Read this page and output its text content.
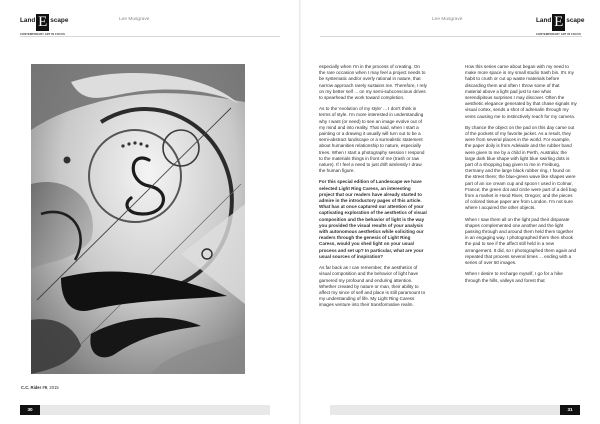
Land E scape
CONTEMPORARY ART IN FOCUS
Lee Musgrave	Lee Musgrave	Land E scape
CONTEMPORARY ART IN FOCUS
C.C. Rider #9, 2015

especially when I'm in the process of creating. On the rare occasion when I may feel a project needs to be systematic and/or overly rational in nature, that narrow approach rarely sustains me. Therefore, I rely on my better self ... on my semi-subconscious drives to spearhead the work toward completion.

As to the 'evolution of my style' ... I don't think in terms of style. I'm more interested in understanding why I want (or need) to see an image evolve out of my mind and into reality. That said, when I start a painting or a drawing it usually will turn out to be a semi-abstract landscape or a surrealistic statement about humanities relationship to nature, especially trees. When I start a photography session I respond to the materials things in front of me (trash or raw nature). If I feel a need to just drift aimlessly I draw the human figure.

For this special edition of Landescape we have selected Light Ring Caress, an interesting project that our readers have already started to admire in the introductory pages of this article. What has at once captured our attention of your captivating exploration of the aesthetics of visual composition and the behavior of light is the way you provided the visual results of your analysis with autonomous aesthetics while soliciting our readers through the genesis of Light Ring Caress, would you shed light on your usual process and set up? In particular, what are your usual sources of inspiration?

As far back as I can remember, the aesthetics of visual composition and the behavior of light have garnered my profound and enduring attention. Whether created by nature or man, their ability to affect my since of self and place is still paramount to my understanding of life. My Light Ring Caress images venture into their transformative realm.

How this series came about began with my need to make more space in my small studio trash bin. It's my habit to crush or cut up waste materials before discarding them and often I throw some of that material above a light pad just to see what serendipitous surprises I may discover. Often the aesthetic elegance generated by that chase signals my visual cortex, sends a shot of adrenalin through my veins causing me to instinctively reach for my camera.

By chance the object on the pad on this day came out of the pockets of my favorite jacket. As a result, they were from several places in the world. For example, the paper doily is from Adelaide and the rubber band were given to me by a child in Perth, Australia; the large dark blue shape with light blue swirling dots is part of a shopping bag given to me in Freiburg, Germany and the large black rubber ring, I found on the street there; the blue-green wave like shapes were part of an ice cream cup and spoon I used in Colmar, France; the green dot and circle were part of a deli bag from a market in Hood River, Oregon; and the pieces of colored tissue paper are from London. I'm not sure where I acquired the other objects.

When I saw them all on the light pad their disparate shapes complemented one another and the light passing through and around them held them together in an engaging way. I photographed them then shook the pad to see if the affect still held in a new arrangement. It did, so I photographed them again and repeated that process several times ... ending with a series of over 50 images.

When I desire to recharge myself, I go for a hike through the hills, valleys and forest that

30	31
